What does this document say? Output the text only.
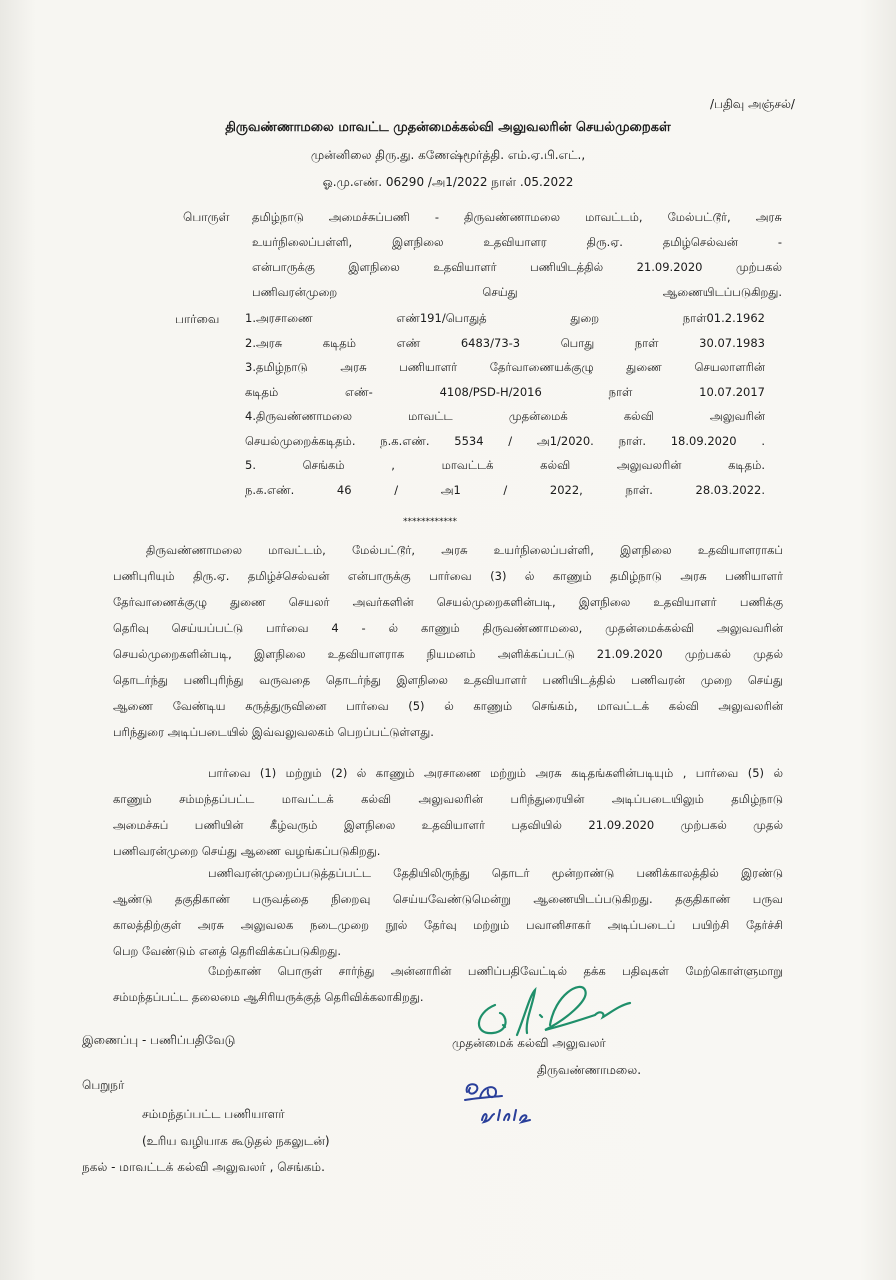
/பதிவு அஞ்சல்/
திருவண்ணாமலை மாவட்ட முதன்மைக்கல்வி அலுவலரின் செயல்முறைகள்
முன்னிலை திரு.து. கணேஷ்மூர்த்தி. எம்.ஏ.பி.எட்.,
ஓ.மு.எண். 06290 /அ1/2022 நாள் .05.2022
பொருள் தமிழ்நாடு அமைச்சுப்பணி - திருவண்ணாமலை மாவட்டம், மேல்பட்டூர், அரசு
உயர்நிலைப்பள்ளி, இளநிலை உதவியாளர திரு.ஏ. தமிழ்செல்வன் -
என்பாருக்கு இளநிலை உதவியாளர் பணியிடத்தில் 21.09.2020 முற்பகல்
பணிவரன்முறை செய்து ஆணையிடப்படுகிறது.
பார்வை 1.அரசாணை எண்191/பொதுத் துறை நாள்01.2.1962
2.அரசு கடிதம் எண் 6483/73-3 பொது நாள் 30.07.1983
3.தமிழ்நாடு அரசு பணியாளர் தேர்வாணையக்குழு துணை செயலாளரின்
கடிதம் எண்- 4108/PSD-H/2016 நாள் 10.07.2017
4.திருவண்ணாமலை மாவட்ட முதன்மைக் கல்வி அலுவரின்
செயல்முறைக்கடிதம். ந.க.எண். 5534 / அ1/2020. நாள். 18.09.2020 .
5. செங்கம் , மாவட்டக் கல்வி அலுவலரின் கடிதம்.
ந.க.எண். 46 / அ1 / 2022, நாள். 28.03.2022.
************
திருவண்ணாமலை மாவட்டம், மேல்பட்டூர், அரசு உயர்நிலைப்பள்ளி, இளநிலை உதவியாளராகப்
பணிபுரியும் திரு.ஏ. தமிழ்ச்செல்வன் என்பாருக்கு பார்வை (3) ல் காணும் தமிழ்நாடு அரசு பணியாளர்
தேர்வாணைக்குழு துணை செயலர் அவர்களின் செயல்முறைகளின்படி, இளநிலை உதவியாளர் பணிக்கு
தெரிவு செய்யப்பட்டு பார்வை 4 - ல் காணும் திருவண்ணாமலை, முதன்மைக்கல்வி அலுவவரின்
செயல்முறைகளின்படி, இளநிலை உதவியாளராக நியமனம் அளிக்கப்பட்டு 21.09.2020 முற்பகல் முதல்
தொடர்ந்து பணிபுரிந்து வருவதை தொடர்ந்து இளநிலை உதவியாளர் பணியிடத்தில் பணிவரன் முறை செய்து
ஆணை வேண்டிய கருத்துருவினை பார்வை (5) ல் காணும் செங்கம், மாவட்டக் கல்வி அலுவலரின்
பரிந்துரை அடிப்படையில் இவ்வலுவலகம் பெறப்பட்டுள்ளது.
பார்வை (1) மற்றும் (2) ல் காணும் அரசாணை மற்றும் அரசு கடிதங்களின்படியும் , பார்வை (5) ல்
காணும் சம்மந்தப்பட்ட மாவட்டக் கல்வி அலுவலரின் பரிந்துரையின் அடிப்படையிலும் தமிழ்நாடு
அமைச்சுப் பணியின் கீழ்வரும் இளநிலை உதவியாளர் பதவியில் 21.09.2020 முற்பகல் முதல்
பணிவரன்முறை செய்து ஆணை வழங்கப்படுகிறது.
பணிவரன்முறைப்படுத்தப்பட்ட தேதியிலிருந்து தொடர் மூன்றாண்டு பணிக்காலத்தில் இரண்டு
ஆண்டு தகுதிகாண் பருவத்தை நிறைவு செய்யவேண்டுமென்று ஆணையிடப்படுகிறது. தகுதிகாண் பருவ
காலத்திற்குள் அரசு அலுவலக நடைமுறை நூல் தேர்வு மற்றும் பவானிசாகர் அடிப்படைப் பயிற்சி தேர்ச்சி
பெற வேண்டும் எனத் தெரிவிக்கப்படுகிறது.
மேற்காண் பொருள் சார்ந்து அன்னாரின் பணிப்பதிவேட்டில் தக்க பதிவுகள் மேற்கொள்ளுமாறு
சம்மந்தப்பட்ட தலைமை ஆசிரியருக்குத் தெரிவிக்கலாகிறது.
இணைப்பு - பணிப்பதிவேடு	முதன்மைக் கல்வி அலுவலர்
திருவண்ணாமலை.
பெறுநர்
சம்மந்தப்பட்ட பணியாளர்
(உரிய வழியாக கூடுதல் நகலுடன்)
நகல் - மாவட்டக் கல்வி அலுவலர் , செங்கம்.
